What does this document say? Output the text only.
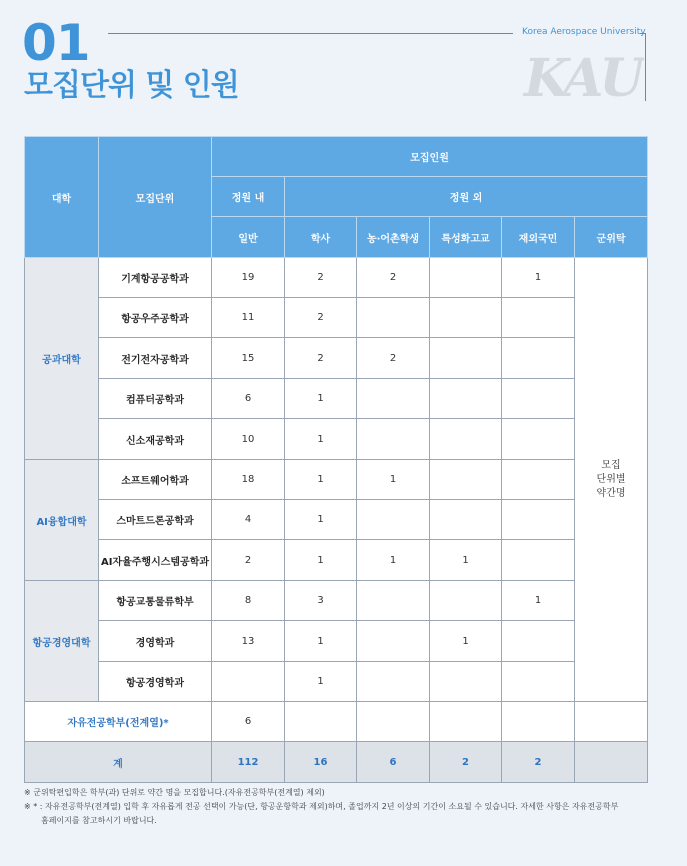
01
모집단위 및 인원
Korea Aerospace University
KAU
대학	모집단위	모집인원					
		정원 내	정원 외				
		일반	학사	농·어촌학생	특성화고교	재외국민	군위탁
공과대학	기계항공공학과	19	2	2		1	모집
단위별
약간명

	항공우주공학과	11	2				
	전기전자공학과	15	2	2			
	컴퓨터공학과	6	1				
	신소재공학과	10	1				
AI융합대학	소프트웨어학과	18	1	1			
	스마트드론공학과	4	1				
	AI자율주행시스템공학과	2	1	1	1		
항공경영대학	항공교통물류학부	8	3			1	
	경영학과	13	1		1		
	항공경영학과		1				
자유전공학부(전계열)*		6					
계		112	16	6	2	2	
※ 군위탁편입학은 학부(과) 단위로 약간 명을 모집합니다.(자유전공학부(전계열) 제외)
※ * : 자유전공학부(전계열) 입학 후 자유롭게 전공 선택이 가능(단, 항공운항학과 제외)하며, 졸업까지 2년 이상의 기간이 소요될 수 있습니다. 자세한 사항은 자유전공학부
홈페이지를 참고하시기 바랍니다.
